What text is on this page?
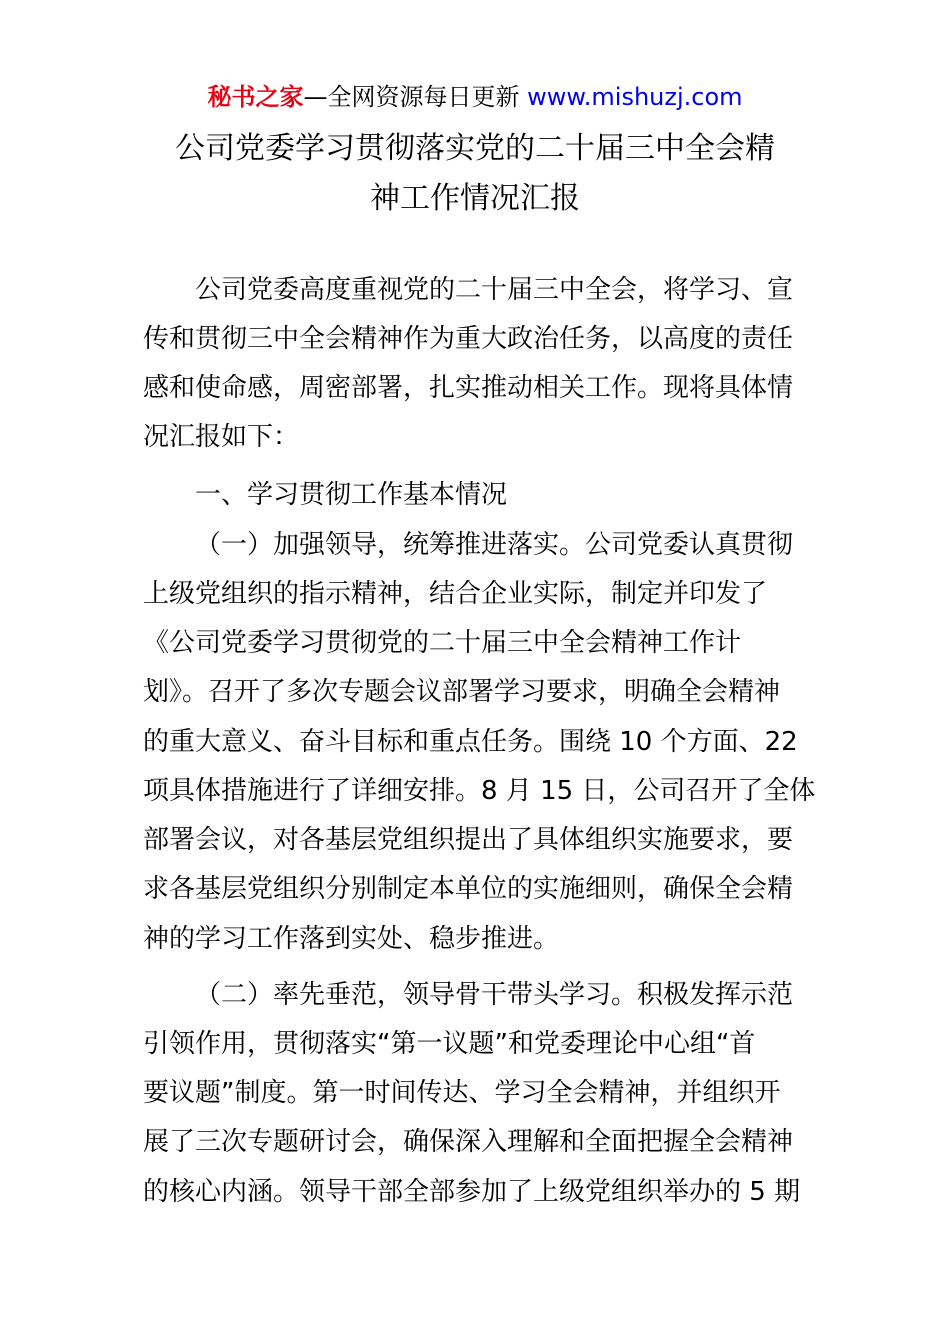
秘书之家—全网资源每日更新 www.mishuzj.com
公司党委学习贯彻落实党的二十届三中全会精
神工作情况汇报
公司党委高度重视党的二十届三中全会，将学习、宣
传和贯彻三中全会精神作为重大政治任务，以高度的责任
感和使命感，周密部署，扎实推动相关工作。现将具体情
况汇报如下：
一、学习贯彻工作基本情况
（一）加强领导，统筹推进落实。公司党委认真贯彻
上级党组织的指示精神，结合企业实际，制定并印发了
《公司党委学习贯彻党的二十届三中全会精神工作计
划》。召开了多次专题会议部署学习要求，明确全会精神
的重大意义、奋斗目标和重点任务。围绕 10 个方面、22
项具体措施进行了详细安排。8 月 15 日，公司召开了全体
部署会议，对各基层党组织提出了具体组织实施要求，要
求各基层党组织分别制定本单位的实施细则，确保全会精
神的学习工作落到实处、稳步推进。
（二）率先垂范，领导骨干带头学习。积极发挥示范
引领作用，贯彻落实“第一议题”和党委理论中心组“首
要议题”制度。第一时间传达、学习全会精神，并组织开
展了三次专题研讨会，确保深入理解和全面把握全会精神
的核心内涵。领导干部全部参加了上级党组织举办的 5 期
